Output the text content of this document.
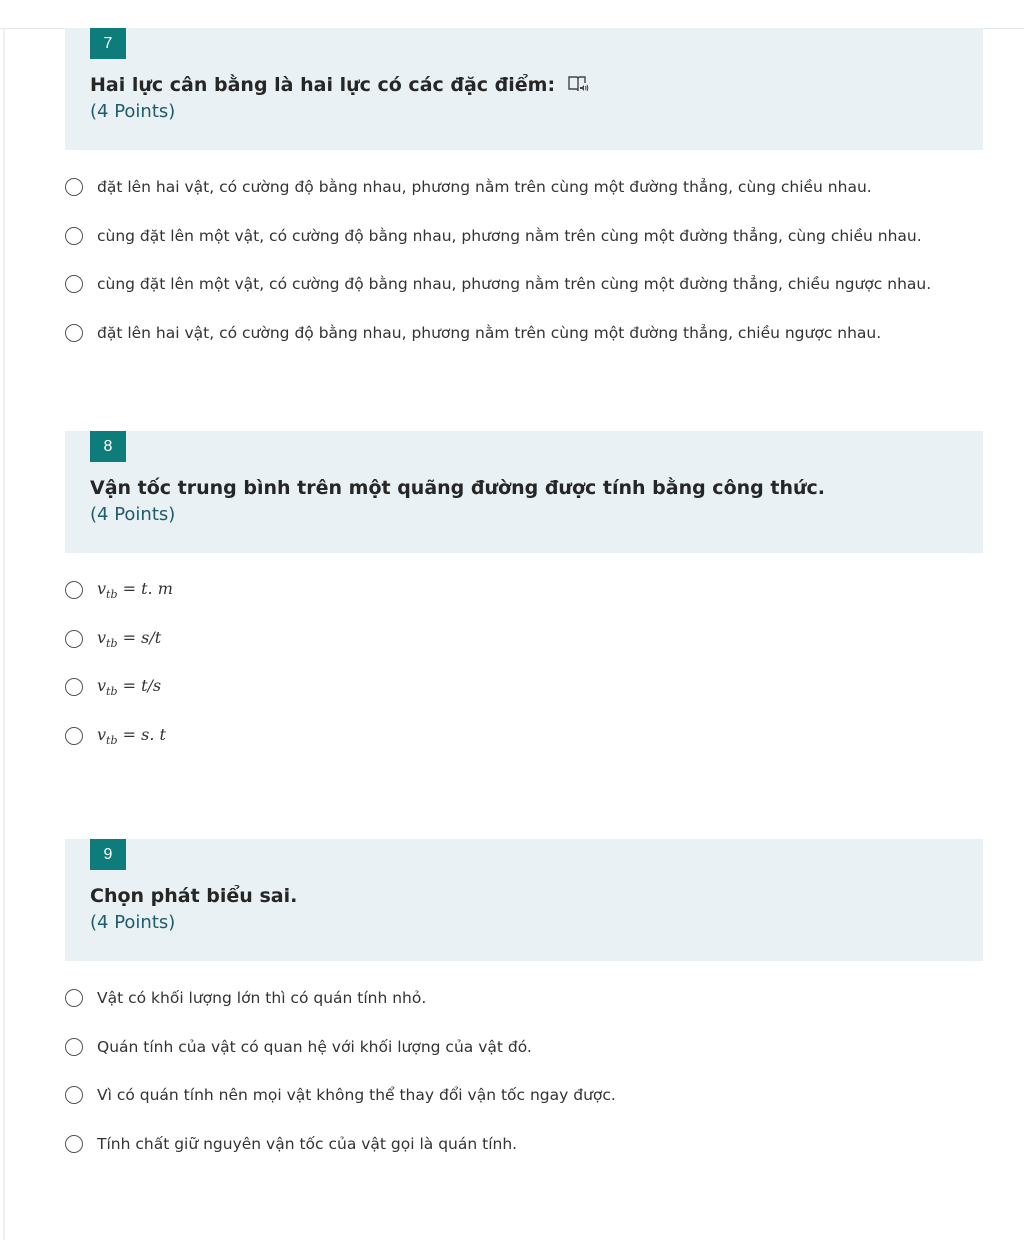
7
Hai lực cân bằng là hai lực có các đặc điểm:
(4 Points)
đặt lên hai vật, có cường độ bằng nhau, phương nằm trên cùng một đường thẳng, cùng chiều nhau.
cùng đặt lên một vật, có cường độ bằng nhau, phương nằm trên cùng một đường thẳng, cùng chiều nhau.
cùng đặt lên một vật, có cường độ bằng nhau, phương nằm trên cùng một đường thẳng, chiều ngược nhau.
đặt lên hai vật, có cường độ bằng nhau, phương nằm trên cùng một đường thẳng, chiều ngược nhau.
8
Vận tốc trung bình trên một quãng đường được tính bằng công thức.
(4 Points)
$v_{tb} = t$. m
$v_{tb} = s/t$
$v_{tb} = t/s$
$v_{tb} = s$. t
9
Chọn phát biểu sai.
(4 Points)
Vật có khối lượng lớn thì có quán tính nhỏ.
Quán tính của vật có quan hệ với khối lượng của vật đó.
Vì có quán tính nên mọi vật không thể thay đổi vận tốc ngay được.
Tính chất giữ nguyên vận tốc của vật gọi là quán tính.
